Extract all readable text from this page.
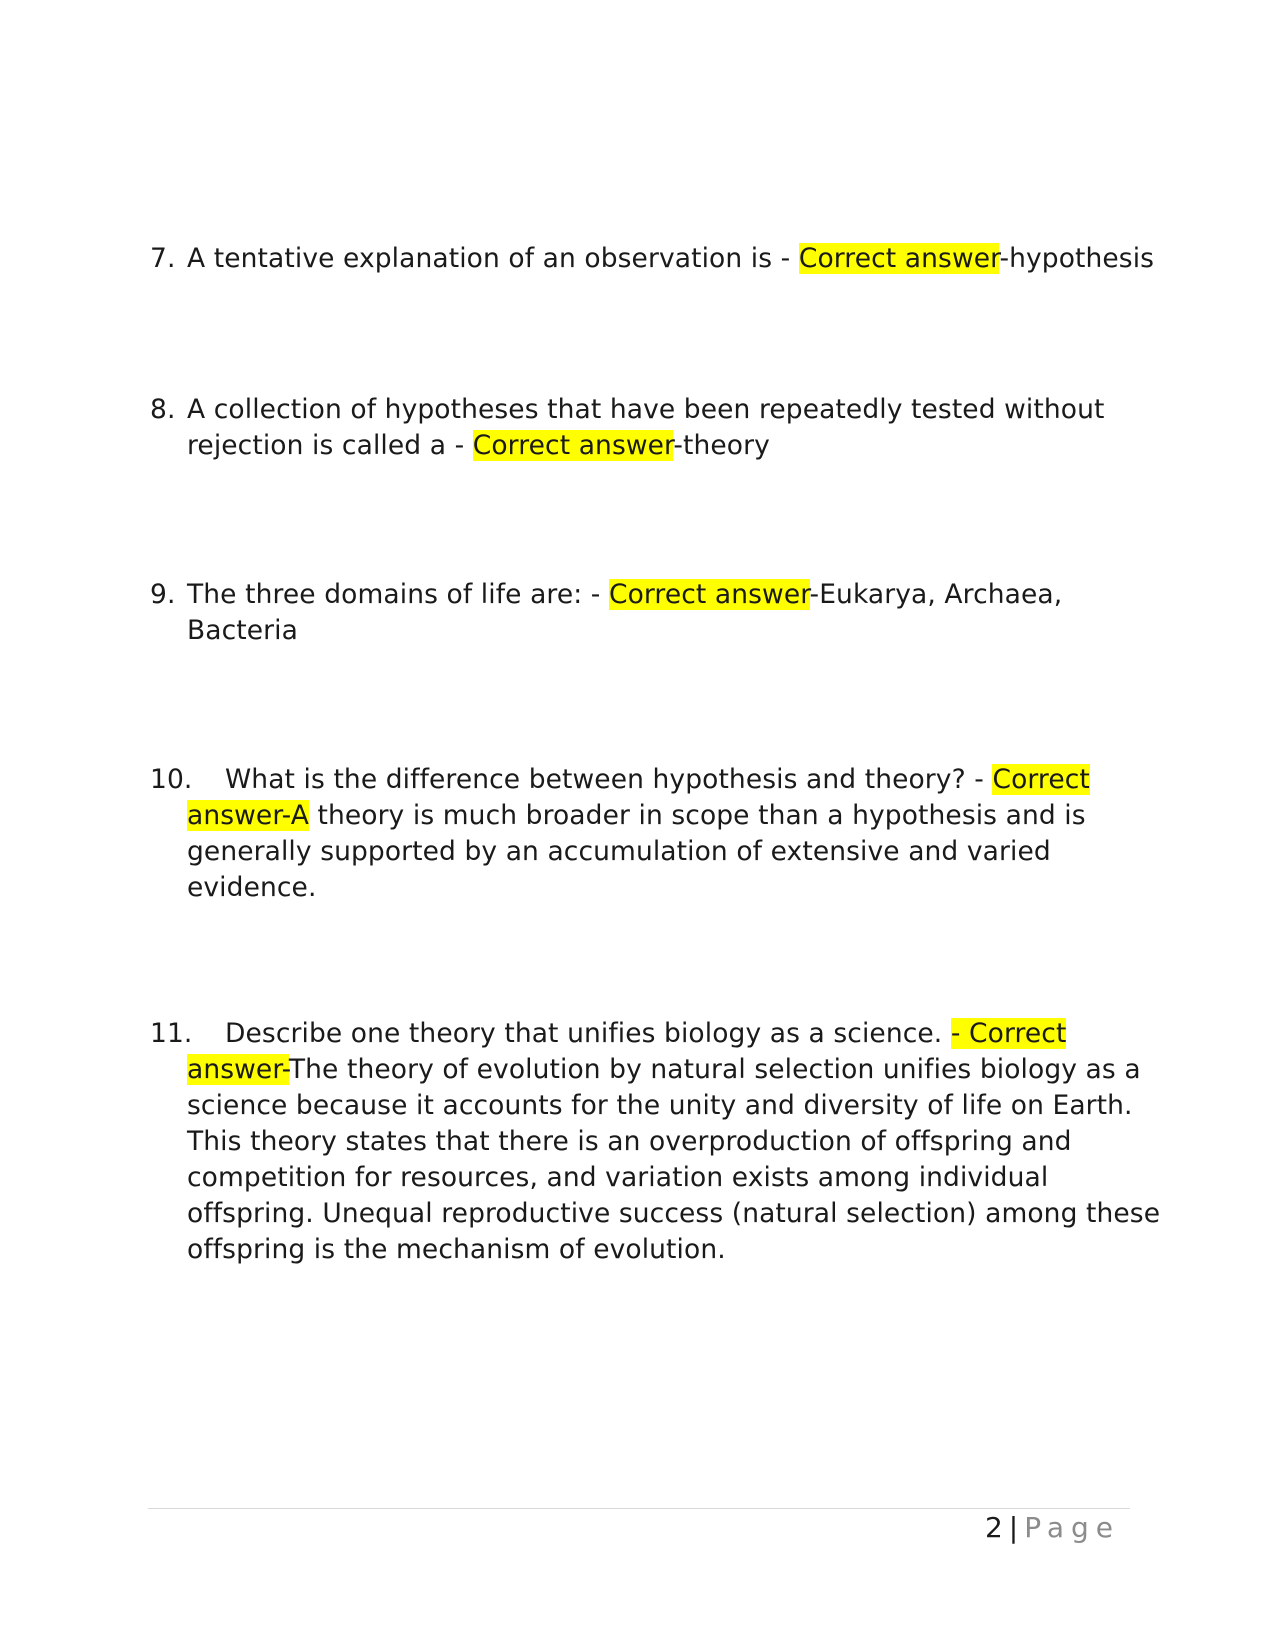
7. A tentative explanation of an observation is - Correct answer-hypothesis
8. A collection of hypotheses that have been repeatedly tested without
rejection is called a - Correct answer-theory
9. The three domains of life are: - Correct answer-Eukarya, Archaea,
Bacteria
10. What is the difference between hypothesis and theory? - Correct
answer-A theory is much broader in scope than a hypothesis and is
generally supported by an accumulation of extensive and varied
evidence.
11. Describe one theory that unifies biology as a science. - Correct
answer-The theory of evolution by natural selection unifies biology as a
science because it accounts for the unity and diversity of life on Earth.
This theory states that there is an overproduction of offspring and
competition for resources, and variation exists among individual
offspring. Unequal reproductive success (natural selection) among these
offspring is the mechanism of evolution.
2 | Page
